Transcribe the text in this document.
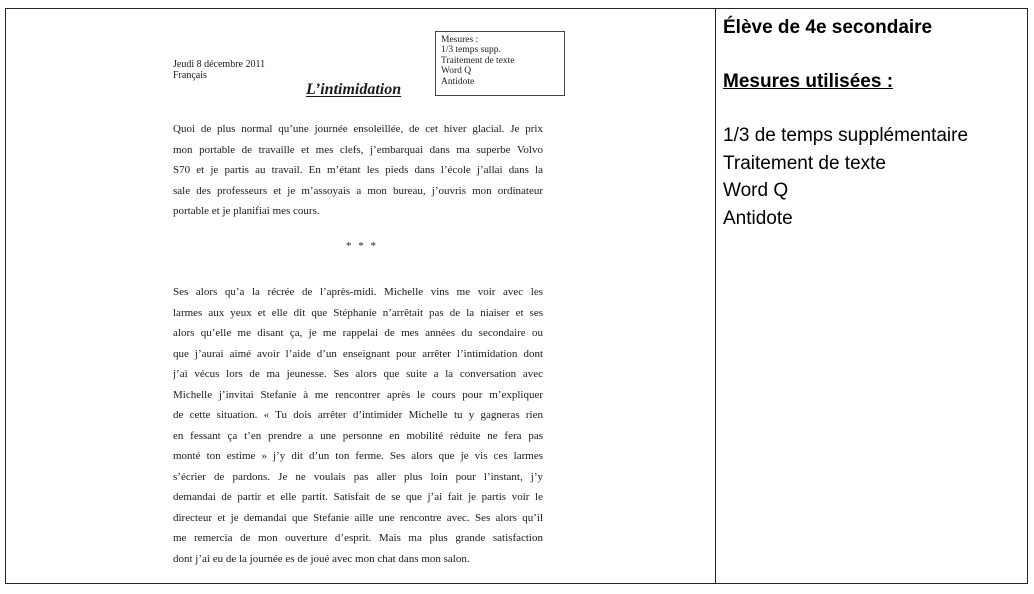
Jeudi 8 décembre 2011
Français
Mesures :
1/3 temps supp.
Traitement de texte
Word Q
Antidote
L’intimidation
Quoi de plus normal qu’une journée ensoleillée, de cet hiver glacial. Je prix
mon portable de travaille et mes clefs, j’embarquai dans ma superbe Volvo
S70 et je partis au travail. En m’étant les pieds dans l’école j’allai dans la
sale des professeurs et je m’assoyais a mon bureau, j’ouvris mon ordinateur
portable et je planifiai mes cours.
* * *
Ses alors qu’a la récrée de l’après-midi. Michelle vins me voir avec les
larmes aux yeux et elle dit que Stéphanie n’arrêtait pas de la niaiser et ses
alors qu’elle me disant ça, je me rappelai de mes années du secondaire ou
que j’aurai aimé avoir l’aide d’un enseignant pour arrêter l’intimidation dont
j’ai vécus lors de ma jeunesse. Ses alors que suite a la conversation avec
Michelle j’invitai Stefanie à me rencontrer après le cours pour m’expliquer
de cette situation. « Tu dois arrêter d’intimider Michelle tu y gagneras rien
en fessant ça t’en prendre a une personne en mobilité réduite ne fera pas
monté ton estime » j’y dit d’un ton ferme. Ses alors que je vis ces larmes
s’écrier de pardons. Je ne voulais pas aller plus loin pour l’instant, j’y
demandai de partir et elle partit. Satisfait de se que j’ai fait je partis voir le
directeur et je demandai que Stefanie aille une rencontre avec. Ses alors qu’il
me remercia de mon ouverture d’esprit. Mais ma plus grande satisfaction
dont j’ai eu de la journée es de joué avec mon chat dans mon salon.
Élève de 4e secondaire
Mesures utilisées :
1/3 de temps supplémentaire
Traitement de texte
Word Q
Antidote
